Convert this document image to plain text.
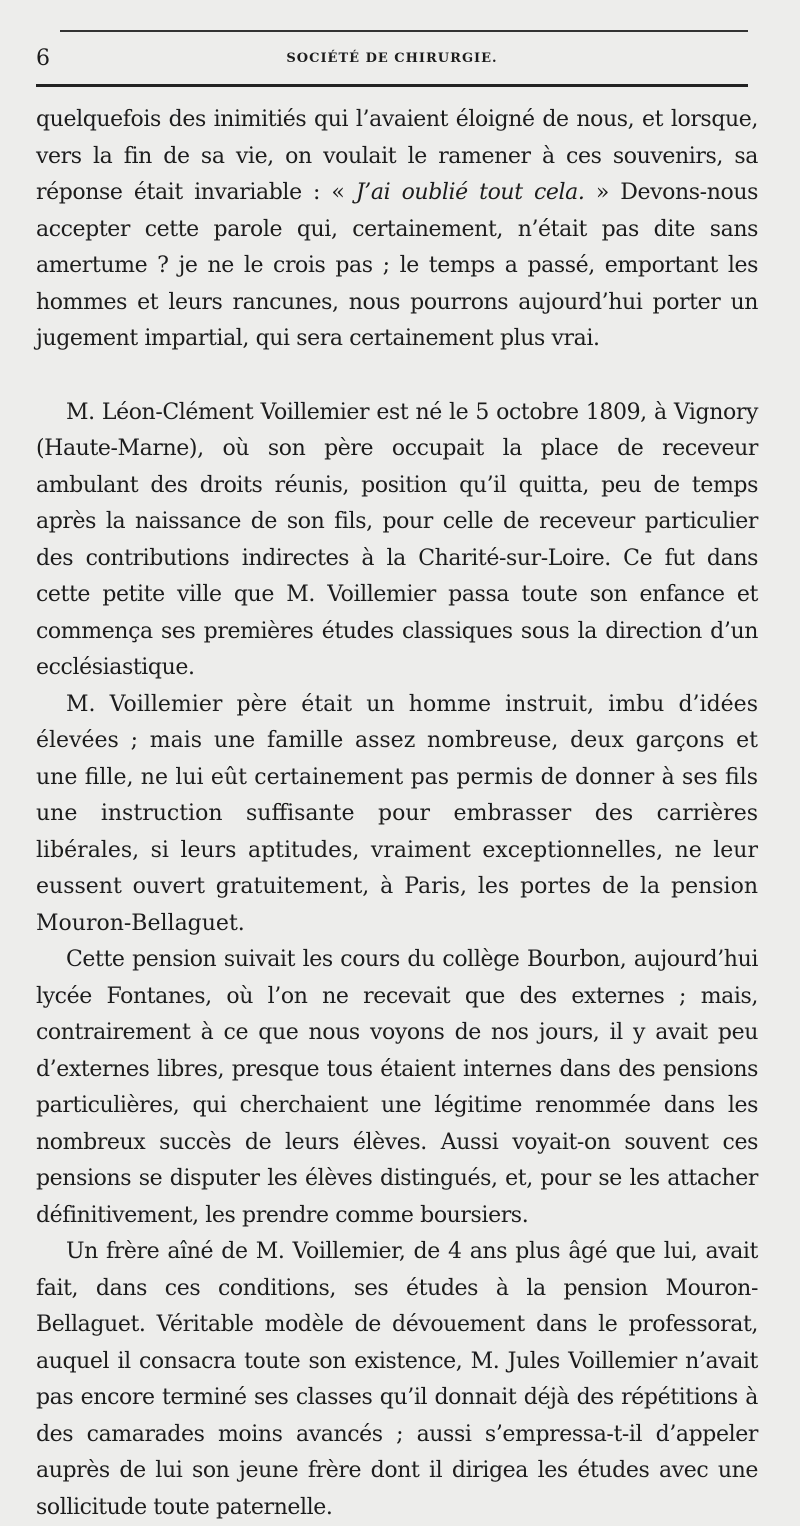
6	SOCIÉTÉ DE CHIRURGIE.

quelquefois des inimitiés qui l’avaient éloigné de nous, et lorsque, vers la fin de sa vie, on voulait le ramener à ces souvenirs, sa réponse était invariable : « J’ai oublié tout cela. » Devons-nous accepter cette parole qui, certainement, n’était pas dite sans amertume ? je ne le crois pas ; le temps a passé, emportant les hommes et leurs rancunes, nous pourrons aujourd’hui porter un jugement impartial, qui sera certainement plus vrai.

M. Léon-Clément Voillemier est né le 5 octobre 1809, à Vignory (Haute-Marne), où son père occupait la place de receveur ambulant des droits réunis, position qu’il quitta, peu de temps après la naissance de son fils, pour celle de receveur particulier des contributions indirectes à la Charité-sur-Loire. Ce fut dans cette petite ville que M. Voillemier passa toute son enfance et commença ses premières études classiques sous la direction d’un ecclésiastique.

M. Voillemier père était un homme instruit, imbu d’idées élevées ; mais une famille assez nombreuse, deux garçons et une fille, ne lui eût certainement pas permis de donner à ses fils une instruction suffisante pour embrasser des carrières libérales, si leurs aptitudes, vraiment exceptionnelles, ne leur eussent ouvert gratuitement, à Paris, les portes de la pension Mouron-Bellaguet.

Cette pension suivait les cours du collège Bourbon, aujourd’hui lycée Fontanes, où l’on ne recevait que des externes ; mais, contrairement à ce que nous voyons de nos jours, il y avait peu d’externes libres, presque tous étaient internes dans des pensions particulières, qui cherchaient une légitime renommée dans les nombreux succès de leurs élèves. Aussi voyait-on souvent ces pensions se disputer les élèves distingués, et, pour se les attacher définitivement, les prendre comme boursiers.

Un frère aîné de M. Voillemier, de 4 ans plus âgé que lui, avait fait, dans ces conditions, ses études à la pension Mouron-Bellaguet. Véritable modèle de dévouement dans le professorat, auquel il consacra toute son existence, M. Jules Voillemier n’avait pas encore terminé ses classes qu’il donnait déjà des répétitions à des camarades moins avancés ; aussi s’empressa-t-il d’appeler auprès de lui son jeune frère dont il dirigea les études avec une sollicitude toute paternelle.
